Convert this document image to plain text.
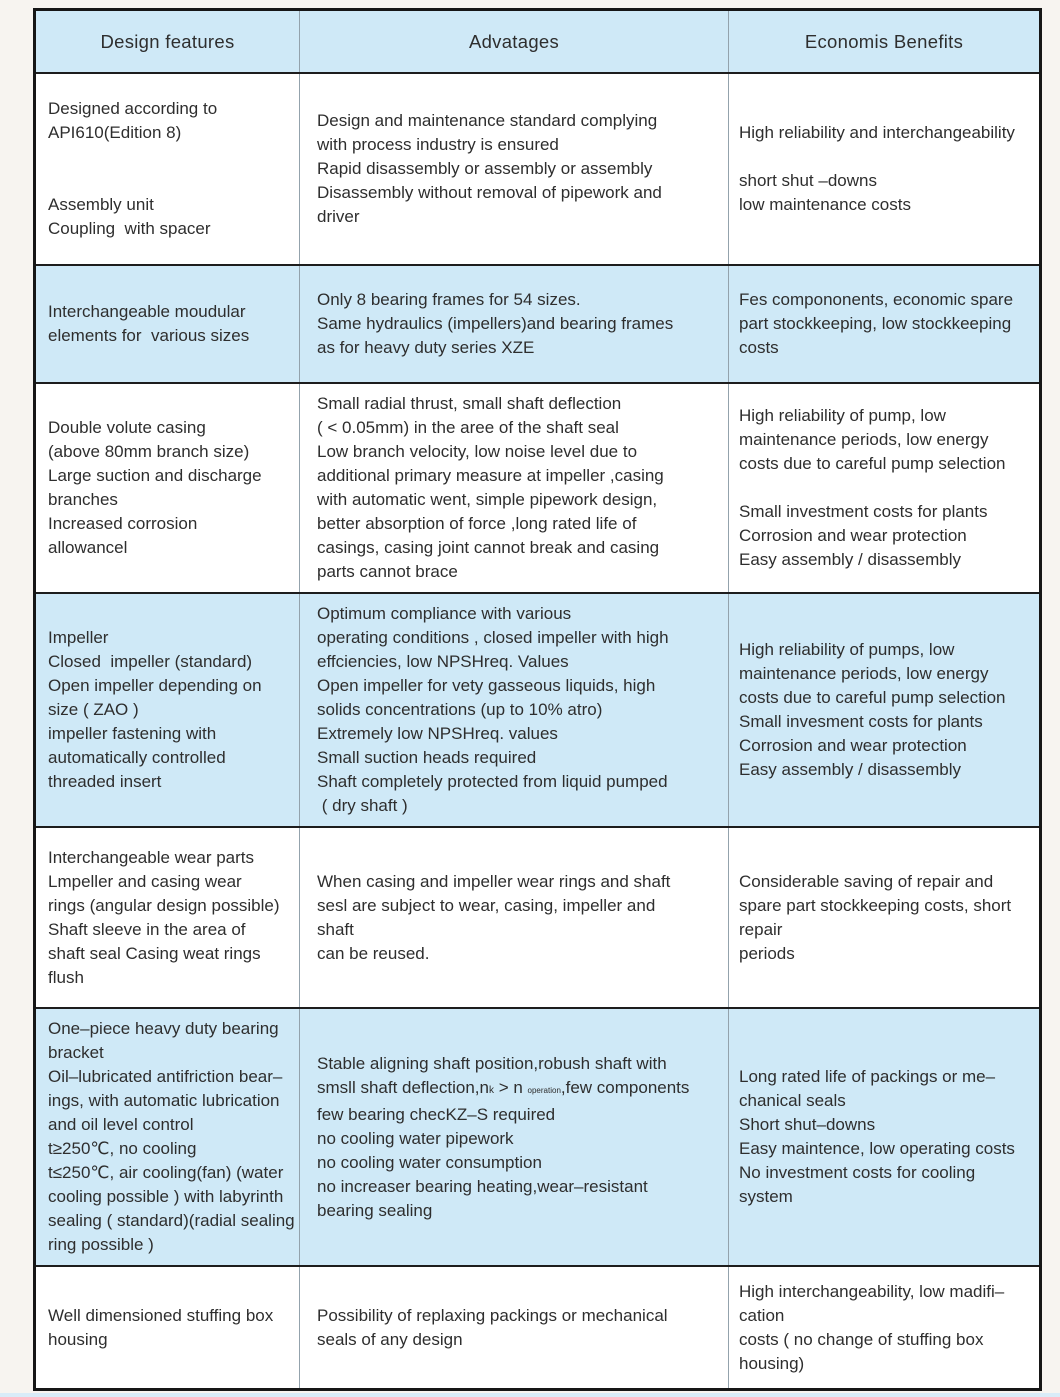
Design features	Advatages	Economis Benefits
Designed according to
API610(Edition 8)

Assembly unit
Coupling  with spacer
Design and maintenance standard complying
with process industry is ensured
Rapid disassembly or assembly or assembly
Disassembly without removal of pipework and
driver
High reliability and interchangeability

short shut –downs
low maintenance costs
Interchangeable moudular
elements for  various sizes
Only 8 bearing frames for 54 sizes.
Same hydraulics (impellers)and bearing frames
as for heavy duty series XZE
Fes compononents, economic spare
part stockkeeping, low stockkeeping
costs
Double volute casing
(above 80mm branch size)
Large suction and discharge
branches
Increased corrosion
allowancel
Small radial thrust, small shaft deflection
( < 0.05mm) in the aree of the shaft seal
Low branch velocity, low noise level due to
additional primary measure at impeller ,casing
with automatic went, simple pipework design,
better absorption of force ,long rated life of
casings, casing joint cannot break and casing
parts cannot brace
High reliability of pump, low
maintenance periods, low energy
costs due to careful pump selection

Small investment costs for plants
Corrosion and wear protection
Easy assembly / disassembly
Impeller
Closed  impeller (standard)
Open impeller depending on
size ( ZAO )
impeller fastening with
automatically controlled
threaded insert
Optimum compliance with various
operating conditions , closed impeller with high
effciencies, low NPSHreq. Values
Open impeller for vety gasseous liquids, high
solids concentrations (up to 10% atro)
Extremely low NPSHreq. values
Small suction heads required
Shaft completely protected from liquid pumped
( dry shaft )
High reliability of pumps, low
maintenance periods, low energy
costs due to careful pump selection
Small invesment costs for plants
Corrosion and wear protection
Easy assembly / disassembly
Interchangeable wear parts
Lmpeller and casing wear
rings (angular design possible)
Shaft sleeve in the area of
shaft seal Casing weat rings
flush
When casing and impeller wear rings and shaft
sesl are subject to wear, casing, impeller and
shaft
can be reused.
Considerable saving of repair and
spare part stockkeeping costs, short
repair
periods
One–piece heavy duty bearing
bracket
Oil–lubricated antifriction bear–
ings, with automatic lubrication
and oil level control
t≥250℃, no cooling
t≤250℃, air cooling(fan) (water
cooling possible ) with labyrinth
sealing ( standard)(radial sealing
ring possible )
Stable aligning shaft position,robush shaft with
smsll shaft deflection,nk > n operation,few components
few bearing checKZ–S required
no cooling water pipework
no cooling water consumption
no increaser bearing heating,wear–resistant
bearing sealing
Long rated life of packings or me–
chanical seals
Short shut–downs
Easy maintence, low operating costs
No investment costs for cooling
system
Well dimensioned stuffing box
housing
Possibility of replaxing packings or mechanical
seals of any design
High interchangeability, low madifi–
cation
costs ( no change of stuffing box
housing)
